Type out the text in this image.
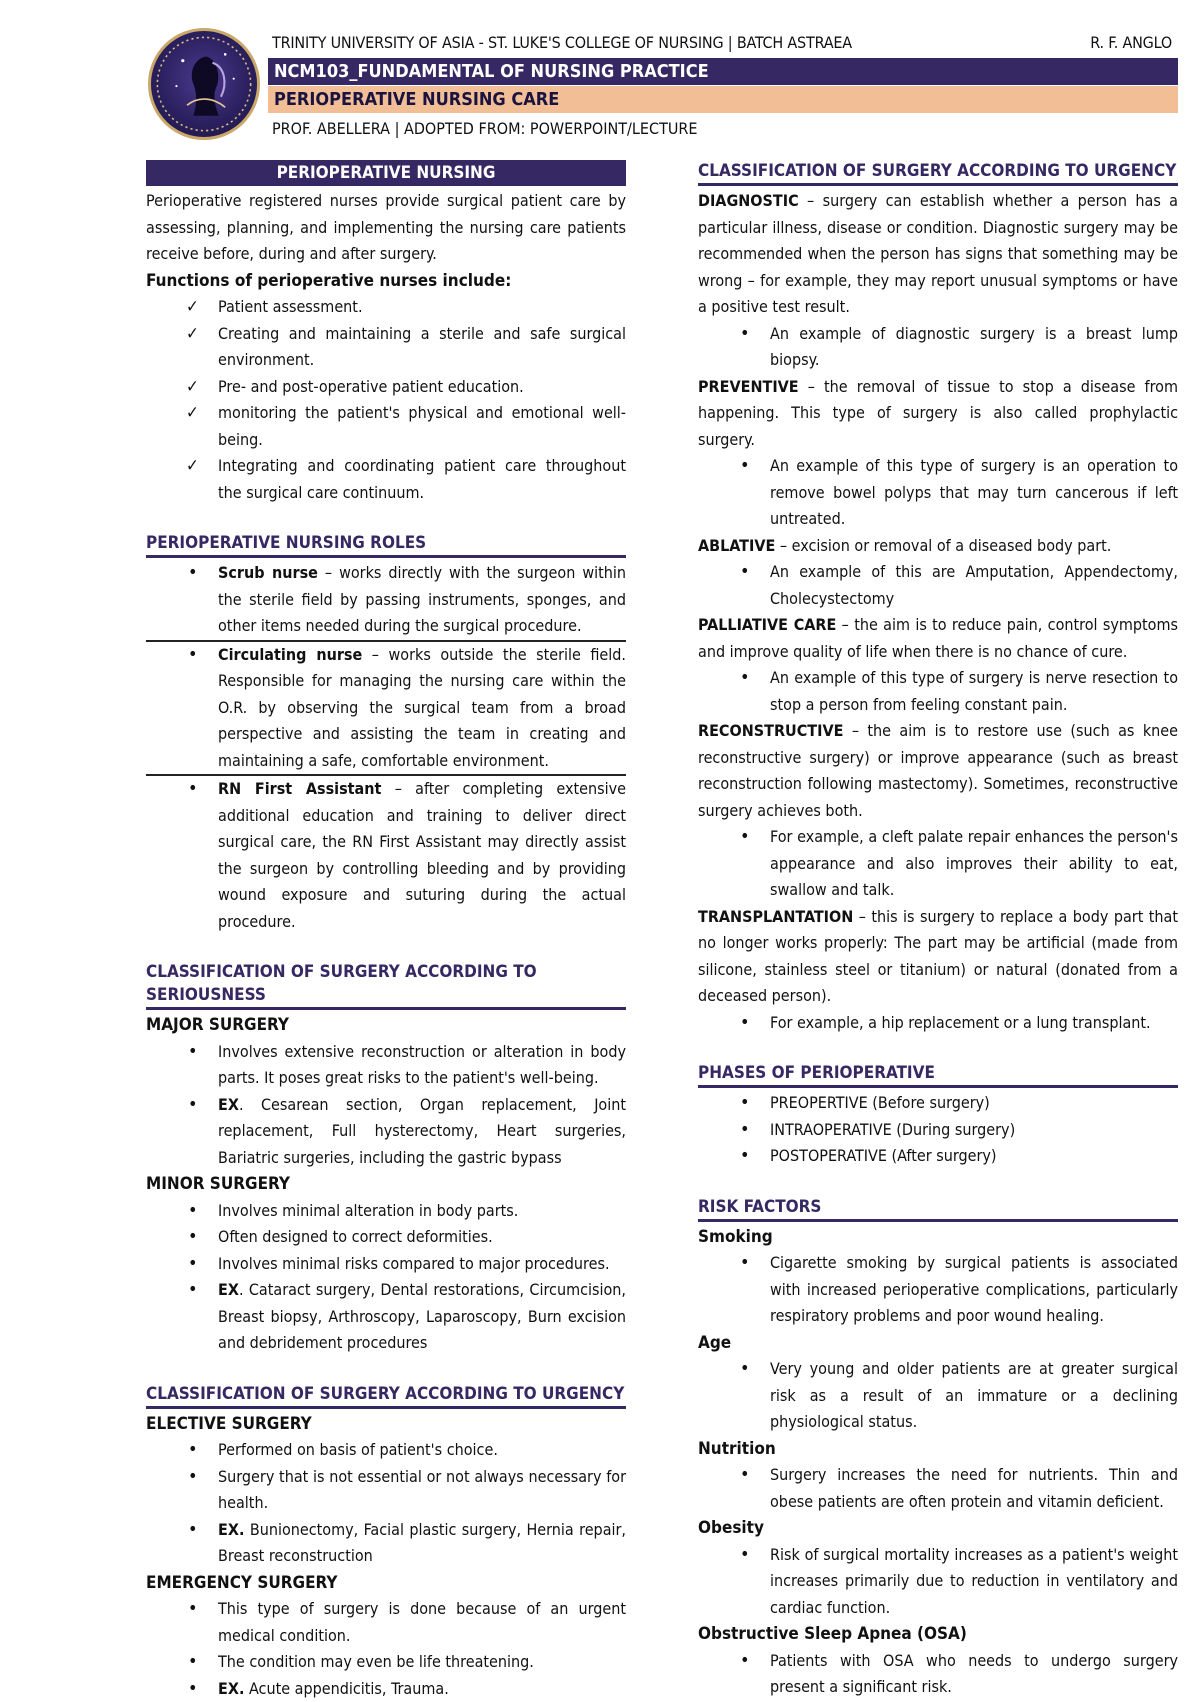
TRINITY UNIVERSITY OF ASIA - ST. LUKE'S COLLEGE OF NURSING | BATCH ASTRAEA	R. F. ANGLO
NCM103_FUNDAMENTAL OF NURSING PRACTICE
PERIOPERATIVE NURSING CARE
PROF. ABELLERA | ADOPTED FROM: POWERPOINT/LECTURE
PERIOPERATIVE NURSING
Perioperative registered nurses provide surgical patient care by assessing, planning, and implementing the nursing care patients receive before, during and after surgery.
Functions of perioperative nurses include:
✓ Patient assessment.
✓ Creating and maintaining a sterile and safe surgical environment.
✓ Pre- and post-operative patient education.
✓ monitoring the patient's physical and emotional well-being.
✓ Integrating and coordinating patient care throughout the surgical care continuum.
PERIOPERATIVE NURSING ROLES
• Scrub nurse – works directly with the surgeon within the sterile field by passing instruments, sponges, and other items needed during the surgical procedure.
• Circulating nurse – works outside the sterile field. Responsible for managing the nursing care within the O.R. by observing the surgical team from a broad perspective and assisting the team in creating and maintaining a safe, comfortable environment.
• RN First Assistant – after completing extensive additional education and training to deliver direct surgical care, the RN First Assistant may directly assist the surgeon by controlling bleeding and by providing wound exposure and suturing during the actual procedure.
CLASSIFICATION OF SURGERY ACCORDING TO SERIOUSNESS
MAJOR SURGERY
• Involves extensive reconstruction or alteration in body parts. It poses great risks to the patient's well-being.
• EX. Cesarean section, Organ replacement, Joint replacement, Full hysterectomy, Heart surgeries, Bariatric surgeries, including the gastric bypass
MINOR SURGERY
• Involves minimal alteration in body parts.
• Often designed to correct deformities.
• Involves minimal risks compared to major procedures.
• EX. Cataract surgery, Dental restorations, Circumcision, Breast biopsy, Arthroscopy, Laparoscopy, Burn excision and debridement procedures
CLASSIFICATION OF SURGERY ACCORDING TO URGENCY
ELECTIVE SURGERY
• Performed on basis of patient's choice.
• Surgery that is not essential or not always necessary for health.
• EX. Bunionectomy, Facial plastic surgery, Hernia repair, Breast reconstruction
EMERGENCY SURGERY
• This type of surgery is done because of an urgent medical condition.
• The condition may even be life threatening.
• EX. Acute appendicitis, Trauma.
CLASSIFICATION OF SURGERY ACCORDING TO URGENCY
DIAGNOSTIC – surgery can establish whether a person has a particular illness, disease or condition. Diagnostic surgery may be recommended when the person has signs that something may be wrong – for example, they may report unusual symptoms or have a positive test result.
• An example of diagnostic surgery is a breast lump biopsy.
PREVENTIVE – the removal of tissue to stop a disease from happening. This type of surgery is also called prophylactic surgery.
• An example of this type of surgery is an operation to remove bowel polyps that may turn cancerous if left untreated.
ABLATIVE – excision or removal of a diseased body part.
• An example of this are Amputation, Appendectomy, Cholecystectomy
PALLIATIVE CARE – the aim is to reduce pain, control symptoms and improve quality of life when there is no chance of cure.
• An example of this type of surgery is nerve resection to stop a person from feeling constant pain.
RECONSTRUCTIVE – the aim is to restore use (such as knee reconstructive surgery) or improve appearance (such as breast reconstruction following mastectomy). Sometimes, reconstructive surgery achieves both.
• For example, a cleft palate repair enhances the person's appearance and also improves their ability to eat, swallow and talk.
TRANSPLANTATION – this is surgery to replace a body part that no longer works properly: The part may be artificial (made from silicone, stainless steel or titanium) or natural (donated from a deceased person).
• For example, a hip replacement or a lung transplant.
PHASES OF PERIOPERATIVE
• PREOPERTIVE (Before surgery)
• INTRAOPERATIVE (During surgery)
• POSTOPERATIVE (After surgery)
RISK FACTORS
Smoking
• Cigarette smoking by surgical patients is associated with increased perioperative complications, particularly respiratory problems and poor wound healing.
Age
• Very young and older patients are at greater surgical risk as a result of an immature or a declining physiological status.
Nutrition
• Surgery increases the need for nutrients. Thin and obese patients are often protein and vitamin deficient.
Obesity
• Risk of surgical mortality increases as a patient's weight increases primarily due to reduction in ventilatory and cardiac function.
Obstructive Sleep Apnea (OSA)
• Patients with OSA who needs to undergo surgery present a significant risk.
